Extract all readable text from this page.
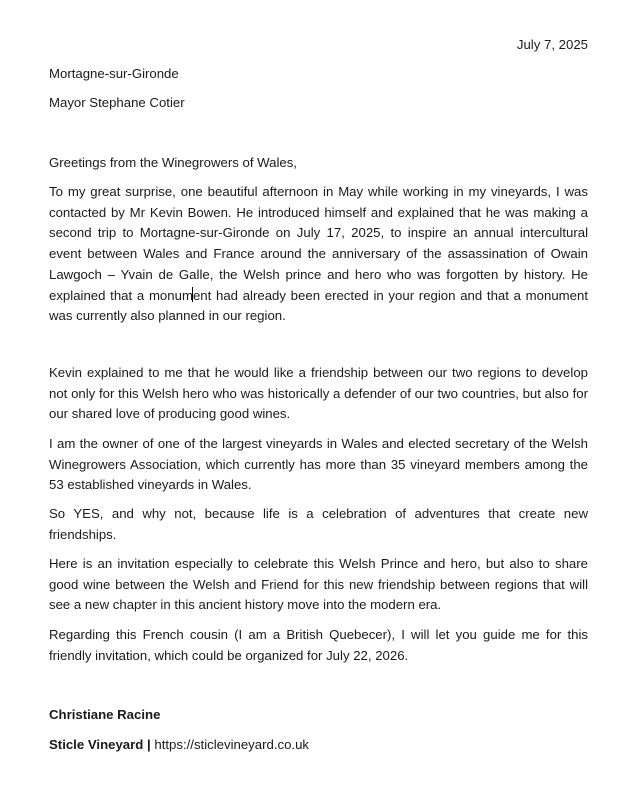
July 7, 2025
Mortagne-sur-Gironde
Mayor Stephane Cotier
Greetings from the Winegrowers of Wales,

To my great surprise, one beautiful afternoon in May while working in my vineyards, I was contacted by Mr Kevin Bowen. He introduced himself and explained that he was making a second trip to Mortagne-sur-Gironde on July 17, 2025, to inspire an annual intercultural event between Wales and France around the anniversary of the assassination of Owain Lawgoch – Yvain de Galle, the Welsh prince and hero who was forgotten by history. He explained that a monument had already been erected in your region and that a monument was currently also planned in our region.

Kevin explained to me that he would like a friendship between our two regions to develop not only for this Welsh hero who was historically a defender of our two countries, but also for our shared love of producing good wines.

I am the owner of one of the largest vineyards in Wales and elected secretary of the Welsh Winegrowers Association, which currently has more than 35 vineyard members among the 53 established vineyards in Wales.

So YES, and why not, because life is a celebration of adventures that create new friendships.

Here is an invitation especially to celebrate this Welsh Prince and hero, but also to share good wine between the Welsh and Friend for this new friendship between regions that will see a new chapter in this ancient history move into the modern era.

Regarding this French cousin (I am a British Quebecer), I will let you guide me for this friendly invitation, which could be organized for July 22, 2026.

Christiane Racine
Sticle Vineyard | https://sticlevineyard.co.uk
